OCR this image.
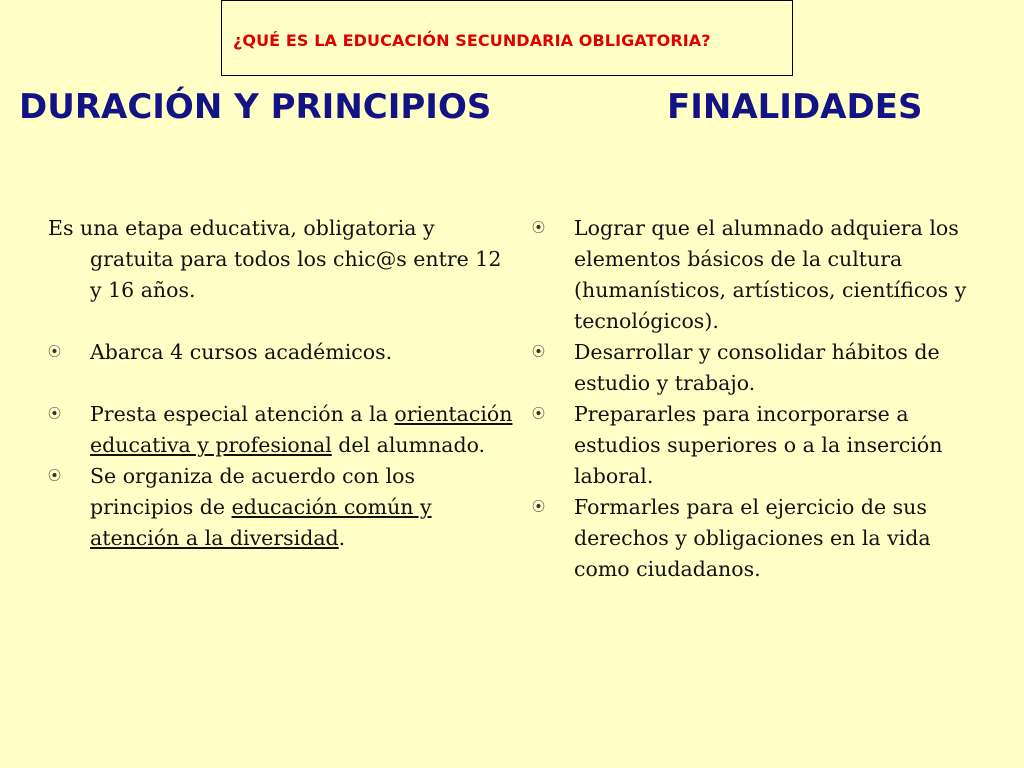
¿QUÉ ES LA EDUCACIÓN SECUNDARIA OBLIGATORIA?
DURACIÓN Y PRINCIPIOS	FINALIDADES
Es una etapa educativa, obligatoria y gratuita para todos los chic@s entre 12 y 16 años.
⦿	Abarca 4 cursos académicos.
⦿	Presta especial atención a la orientación educativa y profesional del alumnado.
⦿	Se organiza de acuerdo con los principios de educación común y atención a la diversidad.
⦿	Lograr que el alumnado adquiera los elementos básicos de la cultura (humanísticos, artísticos, científicos y tecnológicos).
⦿	Desarrollar y consolidar hábitos de estudio y trabajo.
⦿	Prepararles para incorporarse a estudios superiores o a la inserción laboral.
⦿	Formarles para el ejercicio de sus derechos y obligaciones en la vida como ciudadanos.
